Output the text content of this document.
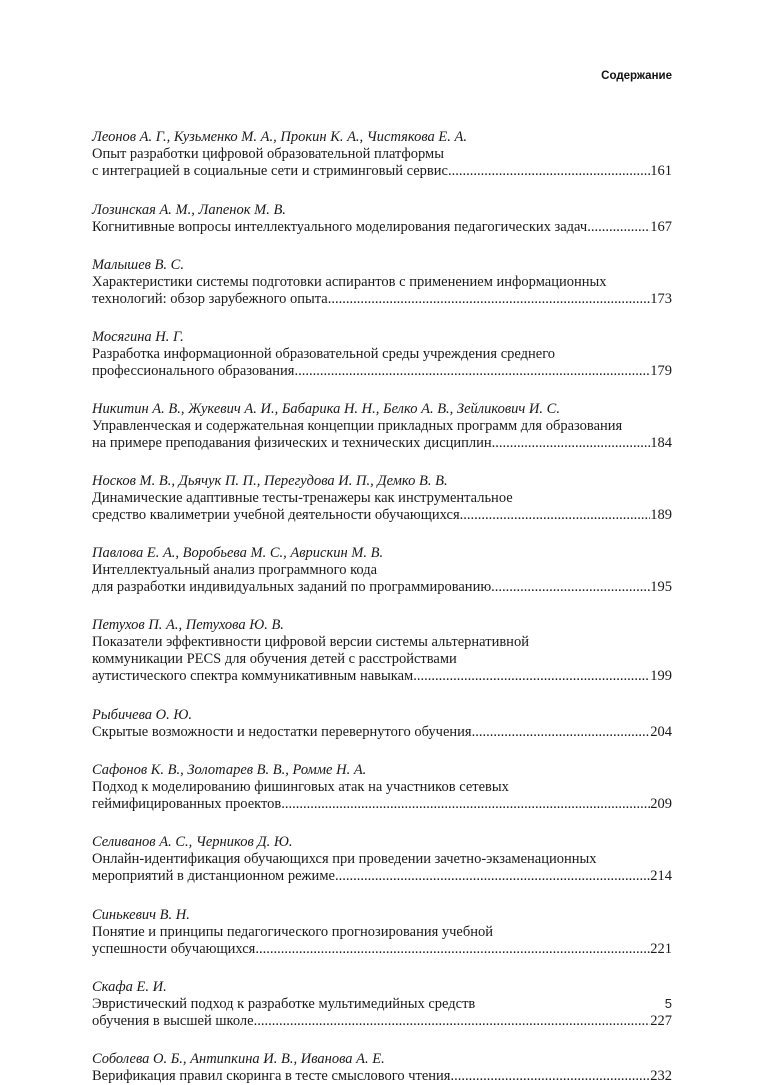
Содержание
Леонов А. Г., Кузьменко М. А., Прокин К. А., Чистякова Е. А.
Опыт разработки цифровой образовательной платформы
с интеграцией в социальные сети и стриминговый сервис .....	161
Лозинская А. М., Лапенок М. В.
Когнитивные вопросы интеллектуального моделирования педагогических задач .....	167
Малышев В. С.
Характеристики системы подготовки аспирантов с применением информационных
технологий: обзор зарубежного опыта .....	173
Мосягина Н. Г.
Разработка информационной образовательной среды учреждения среднего
профессионального образования .....	179
Никитин А. В., Жукевич А. И., Бабарика Н. Н., Белко А. В., Зейликович И. С.
Управленческая и содержательная концепции прикладных программ для образования
на примере преподавания физических и технических дисциплин .....	184
Носков М. В., Дьячук П. П., Перегудова И. П., Демко В. В.
Динамические адаптивные тесты-тренажеры как инструментальное
средство квалиметрии учебной деятельности обучающихся .....	189
Павлова Е. А., Воробьева М. С., Аврискин М. В.
Интеллектуальный анализ программного кода
для разработки индивидуальных заданий по программированию .....	195
Петухов П. А., Петухова Ю. В.
Показатели эффективности цифровой версии системы альтернативной
коммуникации PECS для обучения детей с расстройствами
аутистического спектра коммуникативным навыкам .....	199
Рыбичева О. Ю.
Скрытые возможности и недостатки перевернутого обучения .....	204
Сафонов К. В., Золотарев В. В., Ромме Н. А.
Подход к моделированию фишинговых атак на участников сетевых
геймифицированных проектов .....	209
Селиванов А. С., Черников Д. Ю.
Онлайн-идентификация обучающихся при проведении зачетно-экзаменационных
мероприятий в дистанционном режиме .....	214
Синькевич В. Н.
Понятие и принципы педагогического прогнозирования учебной
успешности обучающихся .....	221
Скафа Е. И.
Эвристический подход к разработке мультимедийных средств
обучения в высшей школе .....	227
Соболева О. Б., Антипкина И. В., Иванова А. Е.
Верификация правил скоринга в тесте смыслового чтения .....	232
5
